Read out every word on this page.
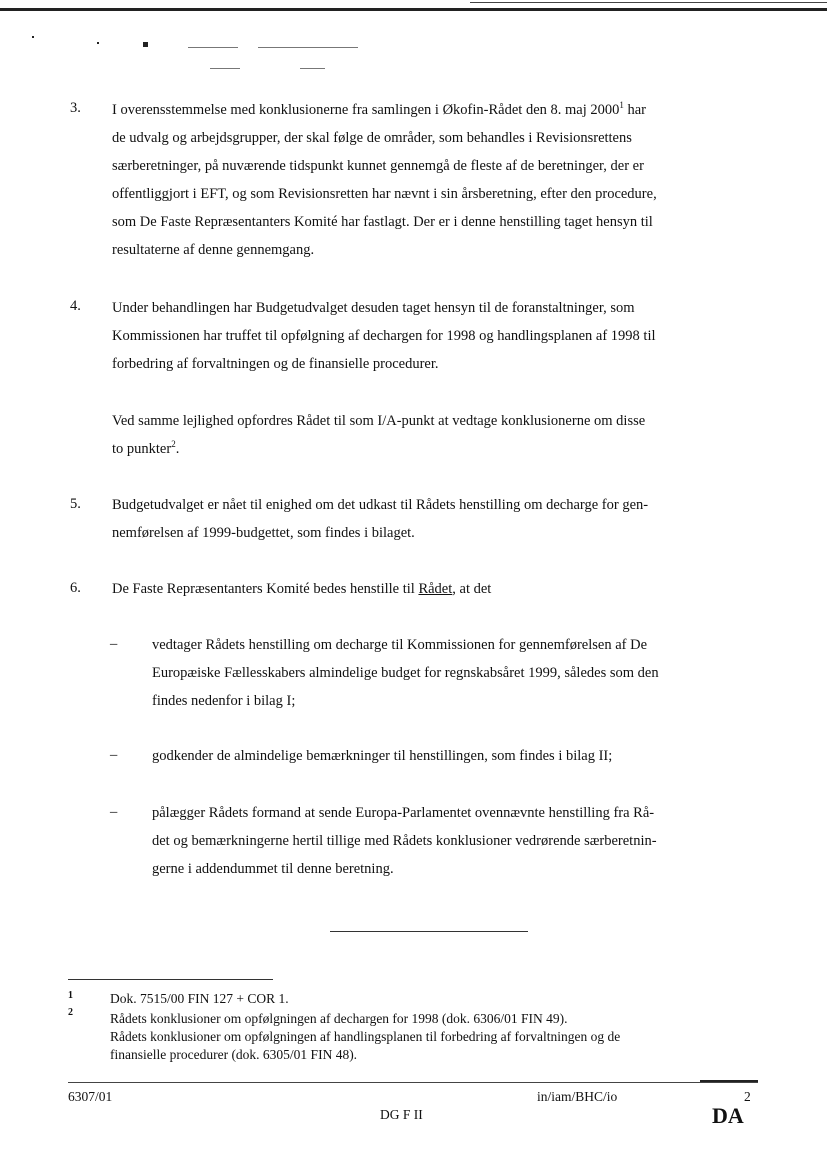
3. I overensstemmelse med konklusionerne fra samlingen i Økofin-Rådet den 8. maj 2000$^1$ har
de udvalg og arbejdsgrupper, der skal følge de områder, som behandles i Revisionsrettens
særberetninger, på nuværende tidspunkt kunnet gennemgå de fleste af de beretninger, der er
offentliggjort i EFT, og som Revisionsretten har nævnt i sin årsberetning, efter den procedure,
som De Faste Repræsentanters Komité har fastlagt. Der er i denne henstilling taget hensyn til
resultaterne af denne gennemgang.
4. Under behandlingen har Budgetudvalget desuden taget hensyn til de foranstaltninger, som
Kommissionen har truffet til opfølgning af dechargen for 1998 og handlingsplanen af 1998 til
forbedring af forvaltningen og de finansielle procedurer.
Ved samme lejlighed opfordres Rådet til som I/A-punkt at vedtage konklusionerne om disse
to punkter$^2$.
5. Budgetudvalget er nået til enighed om det udkast til Rådets henstilling om decharge for gen-
nemførelsen af 1999-budgettet, som findes i bilaget.
6. De Faste Repræsentanters Komité bedes henstille til Rådet, at det
– vedtager Rådets henstilling om decharge til Kommissionen for gennemførelsen af De
Europæiske Fællesskabers almindelige budget for regnskabsåret 1999, således som den
findes nedenfor i bilag I;
– godkender de almindelige bemærkninger til henstillingen, som findes i bilag II;
– pålægger Rådets formand at sende Europa-Parlamentet ovennævnte henstilling fra Rå-
det og bemærkningerne hertil tillige med Rådets konklusioner vedrørende særberetnin-
gerne i addendummet til denne beretning.
1	Dok. 7515/00 FIN 127 + COR 1.
2	Rådets konklusioner om opfølgningen af dechargen for 1998 (dok. 6306/01 FIN 49).
Rådets konklusioner om opfølgningen af handlingsplanen til forbedring af forvaltningen og de
finansielle procedurer (dok. 6305/01 FIN 48).
6307/01	in/iam/BHC/io	2
DG F II	DA
